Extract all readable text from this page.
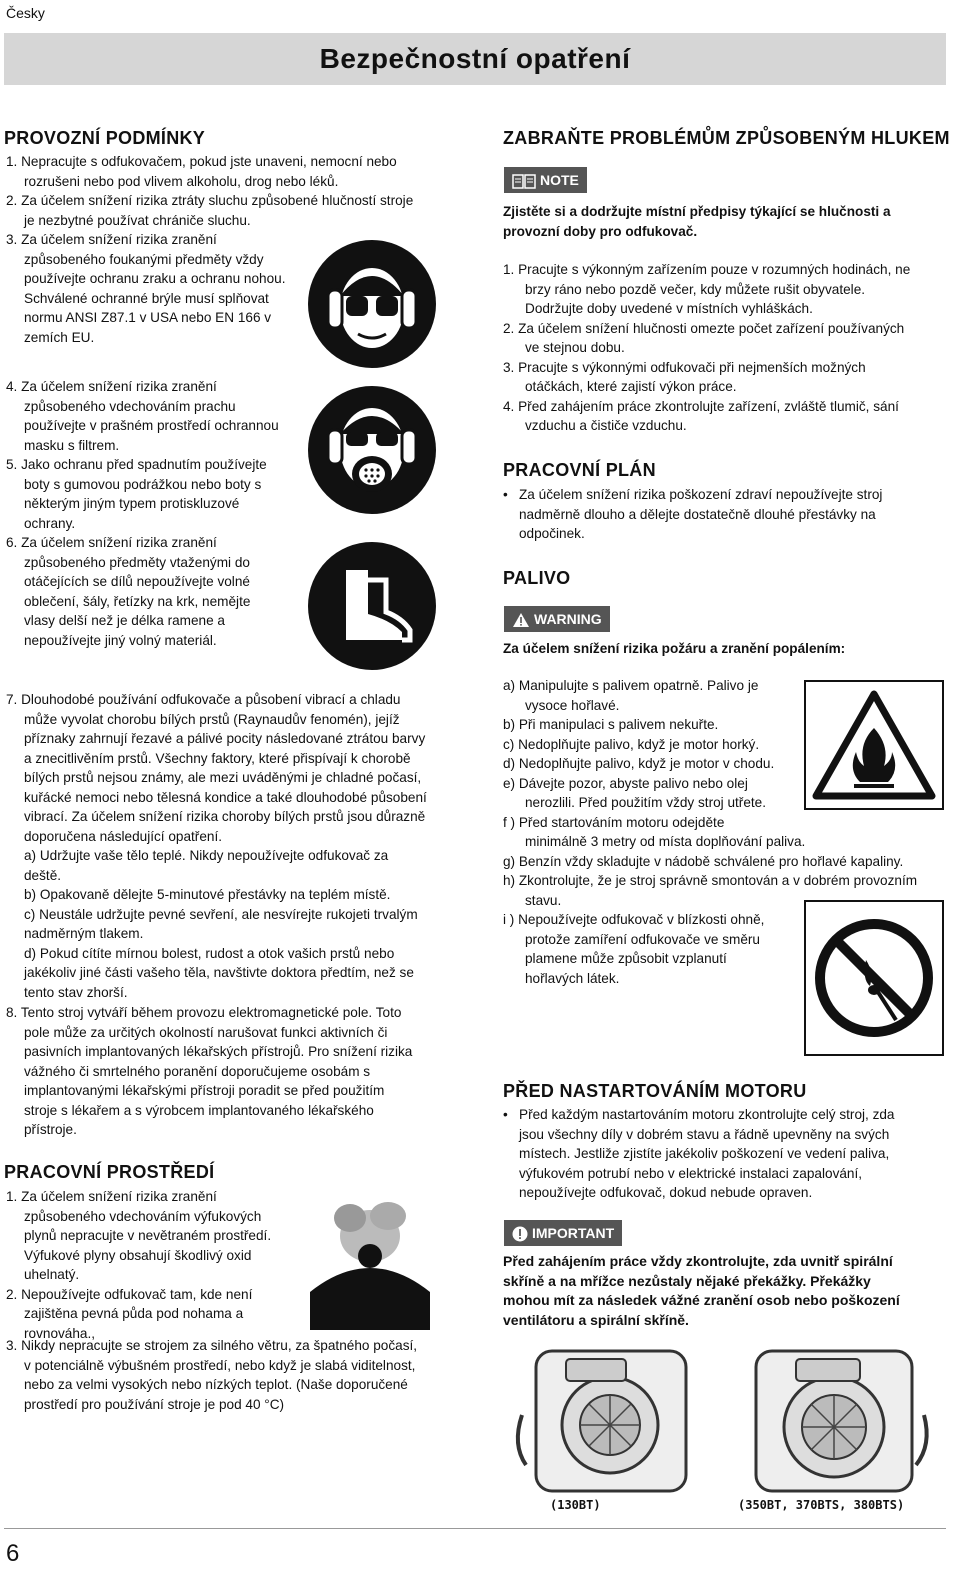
Česky
Bezpečnostní opatření
PROVOZNÍ PODMÍNKY
1. Nepracujte s odfukovačem, pokud jste unaveni, nemocní nebo
rozrušeni nebo pod vlivem alkoholu, drog nebo léků.
2. Za účelem snížení rizika ztráty sluchu způsobené hlučností stroje
je nezbytné používat chrániče sluchu.
3. Za účelem snížení rizika zranění
způsobeného foukanými předměty vždy
používejte ochranu zraku a ochranu nohou.
Schválené ochranné brýle musí splňovat
normu ANSI Z87.1 v USA nebo EN 166 v
zemích EU.
4. Za účelem snížení rizika zranění
způsobeného vdechováním prachu
používejte v prašném prostředí ochrannou
masku s filtrem.
5. Jako ochranu před spadnutím používejte
boty s gumovou podrážkou nebo boty s
některým jiným typem protiskluzové
ochrany.
6. Za účelem snížení rizika zranění
způsobeného předměty vtaženými do
otáčejících se dílů nepoužívejte volné
oblečení, šály, řetízky na krk, nemějte
vlasy delší než je délka ramene a
nepoužívejte jiný volný materiál.
7. Dlouhodobé používání odfukovače a působení vibrací a chladu
může vyvolat chorobu bílých prstů (Raynaudův fenomén), jejíž
příznaky zahrnují řezavé a pálivé pocity následované ztrátou barvy
a znecitlivěním prstů. Všechny faktory, které přispívají k chorobě
bílých prstů nejsou známy, ale mezi uváděnými je chladné počasí,
kuřácké nemoci nebo tělesná kondice a také dlouhodobé působení
vibrací. Za účelem snížení rizika choroby bílých prstů jsou důrazně
doporučena následující opatření.
a) Udržujte vaše tělo teplé. Nikdy nepoužívejte odfukovač za
deště.
b) Opakovaně dělejte 5-minutové přestávky na teplém místě.
c) Neustále udržujte pevné sevření, ale nesvírejte rukojeti trvalým
nadměrným tlakem.
d) Pokud cítíte mírnou bolest, rudost a otok vašich prstů nebo
jakékoliv jiné části vašeho těla, navštivte doktora předtím, než se
tento stav zhorší.
8. Tento stroj vytváří během provozu elektromagnetické pole. Toto
pole může za určitých okolností narušovat funkci aktivních či
pasivních implantovaných lékařských přístrojů. Pro snížení rizika
vážného či smrtelného poranění doporučujeme osobám s
implantovanými lékařskými přístroji poradit se před použitím
stroje s lékařem a s výrobcem implantovaného lékařského
přístroje.
PRACOVNÍ PROSTŘEDÍ
1. Za účelem snížení rizika zranění
způsobeného vdechováním výfukových
plynů nepracujte v nevětraném prostředí.
Výfukové plyny obsahují škodlivý oxid
uhelnatý.
2. Nepoužívejte odfukovač tam, kde není
zajištěna pevná půda pod nohama a
rovnováha.,
3. Nikdy nepracujte se strojem za silného větru, za špatného počasí,
v potenciálně výbušném prostředí, nebo když je slabá viditelnost,
nebo za velmi vysokých nebo nízkých teplot. (Naše doporučené
prostředí pro používání stroje je pod 40 °C)
ZABRAŇTE PROBLÉMŮM ZPŮSOBENÝM HLUKEM
NOTE
Zjistěte si a dodržujte místní předpisy týkající se hlučnosti a
provozní doby pro odfukovač.
1. Pracujte s výkonným zařízením pouze v rozumných hodinách, ne
brzy ráno nebo pozdě večer, kdy můžete rušit obyvatele.
Dodržujte doby uvedené v místních vyhláškách.
2. Za účelem snížení hlučnosti omezte počet zařízení používaných
ve stejnou dobu.
3. Pracujte s výkonnými odfukovači při nejmenších možných
otáčkách, které zajistí výkon práce.
4. Před zahájením práce zkontrolujte zařízení, zvláště tlumič, sání
vzduchu a čističe vzduchu.
PRACOVNÍ PLÁN
• Za účelem snížení rizika poškození zdraví nepoužívejte stroj
nadměrně dlouho a dělejte dostatečně dlouhé přestávky na
odpočinek.
PALIVO
WARNING
Za účelem snížení rizika požáru a zranění popálením:
a) Manipulujte s palivem opatrně. Palivo je
vysoce hořlavé.
b) Při manipulaci s palivem nekuřte.
c) Nedoplňujte palivo, když je motor horký.
d) Nedoplňujte palivo, když je motor v chodu.
e) Dávejte pozor, abyste palivo nebo olej
nerozlili. Před použitím vždy stroj utřete.
f ) Před startováním motoru odejděte
minimálně 3 metry od místa doplňování paliva.
g) Benzín vždy skladujte v nádobě schválené pro hořlavé kapaliny.
h) Zkontrolujte, že je stroj správně smontován a v dobrém provozním
stavu.
i ) Nepoužívejte odfukovač v blízkosti ohně,
protože zamíření odfukovače ve směru
plamene může způsobit vzplanutí
hořlavých látek.
PŘED NASTARTOVÁNÍM MOTORU
• Před každým nastartováním motoru zkontrolujte celý stroj, zda
jsou všechny díly v dobrém stavu a řádně upevněny na svých
místech. Jestliže zjistíte jakékoliv poškození ve vedení paliva,
výfukovém potrubí nebo v elektrické instalaci zapalování,
nepoužívejte odfukovač, dokud nebude opraven.
IMPORTANT
Před zahájením práce vždy zkontrolujte, zda uvnitř spirální
skříně a na mřížce nezůstaly nějaké překážky. Překážky
mohou mít za následek vážné zranění osob nebo poškození
ventilátoru a spirální skříně.
(130BT)	(350BT, 370BTS, 380BTS)
6
